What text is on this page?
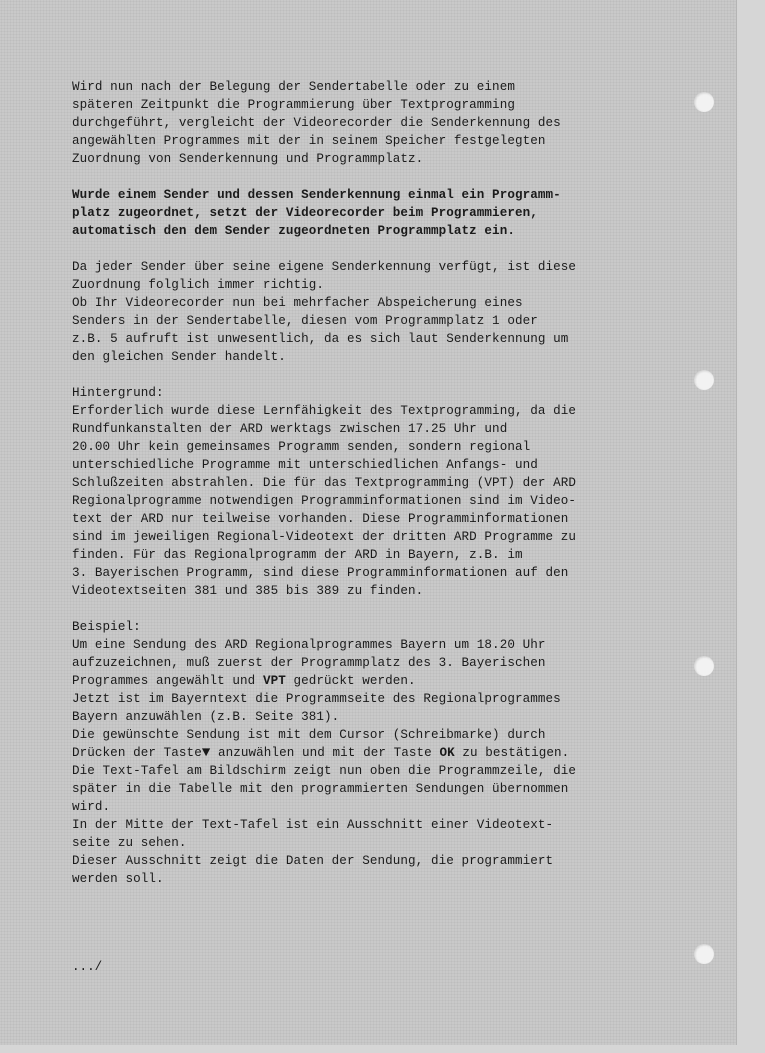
Wird nun nach der Belegung der Sendertabelle oder zu einem
späteren Zeitpunkt die Programmierung über Textprogramming
durchgeführt, vergleicht der Videorecorder die Senderkennung des
angewählten Programmes mit der in seinem Speicher festgelegten
Zuordnung von Senderkennung und Programmplatz.
Wurde einem Sender und dessen Senderkennung einmal ein Programm-
platz zugeordnet, setzt der Videorecorder beim Programmieren,
automatisch den dem Sender zugeordneten Programmplatz ein.
Da jeder Sender über seine eigene Senderkennung verfügt, ist diese
Zuordnung folglich immer richtig.
Ob Ihr Videorecorder nun bei mehrfacher Abspeicherung eines
Senders in der Sendertabelle, diesen vom Programmplatz 1 oder
z.B. 5 aufruft ist unwesentlich, da es sich laut Senderkennung um
den gleichen Sender handelt.
Hintergrund:
Erforderlich wurde diese Lernfähigkeit des Textprogramming, da die
Rundfunkanstalten der ARD werktags zwischen 17.25 Uhr und
20.00 Uhr kein gemeinsames Programm senden, sondern regional
unterschiedliche Programme mit unterschiedlichen Anfangs- und
Schlußzeiten abstrahlen. Die für das Textprogramming (VPT) der ARD
Regionalprogramme notwendigen Programminformationen sind im Video-
text der ARD nur teilweise vorhanden. Diese Programminformationen
sind im jeweiligen Regional-Videotext der dritten ARD Programme zu
finden. Für das Regionalprogramm der ARD in Bayern, z.B. im
3. Bayerischen Programm, sind diese Programminformationen auf den
Videotextseiten 381 und 385 bis 389 zu finden.
Beispiel:
Um eine Sendung des ARD Regionalprogrammes Bayern um 18.20 Uhr
aufzuzeichnen, muß zuerst der Programmplatz des 3. Bayerischen
Programmes angewählt und VPT gedrückt werden.
Jetzt ist im Bayerntext die Programmseite des Regionalprogrammes
Bayern anzuwählen (z.B. Seite 381).
Die gewünschte Sendung ist mit dem Cursor (Schreibmarke) durch
Drücken der Taste▼ anzuwählen und mit der Taste OK zu bestätigen.
Die Text-Tafel am Bildschirm zeigt nun oben die Programmzeile, die
später in die Tabelle mit den programmierten Sendungen übernommen
wird.
In der Mitte der Text-Tafel ist ein Ausschnitt einer Videotext-
seite zu sehen.
Dieser Ausschnitt zeigt die Daten der Sendung, die programmiert
werden soll.
.../
